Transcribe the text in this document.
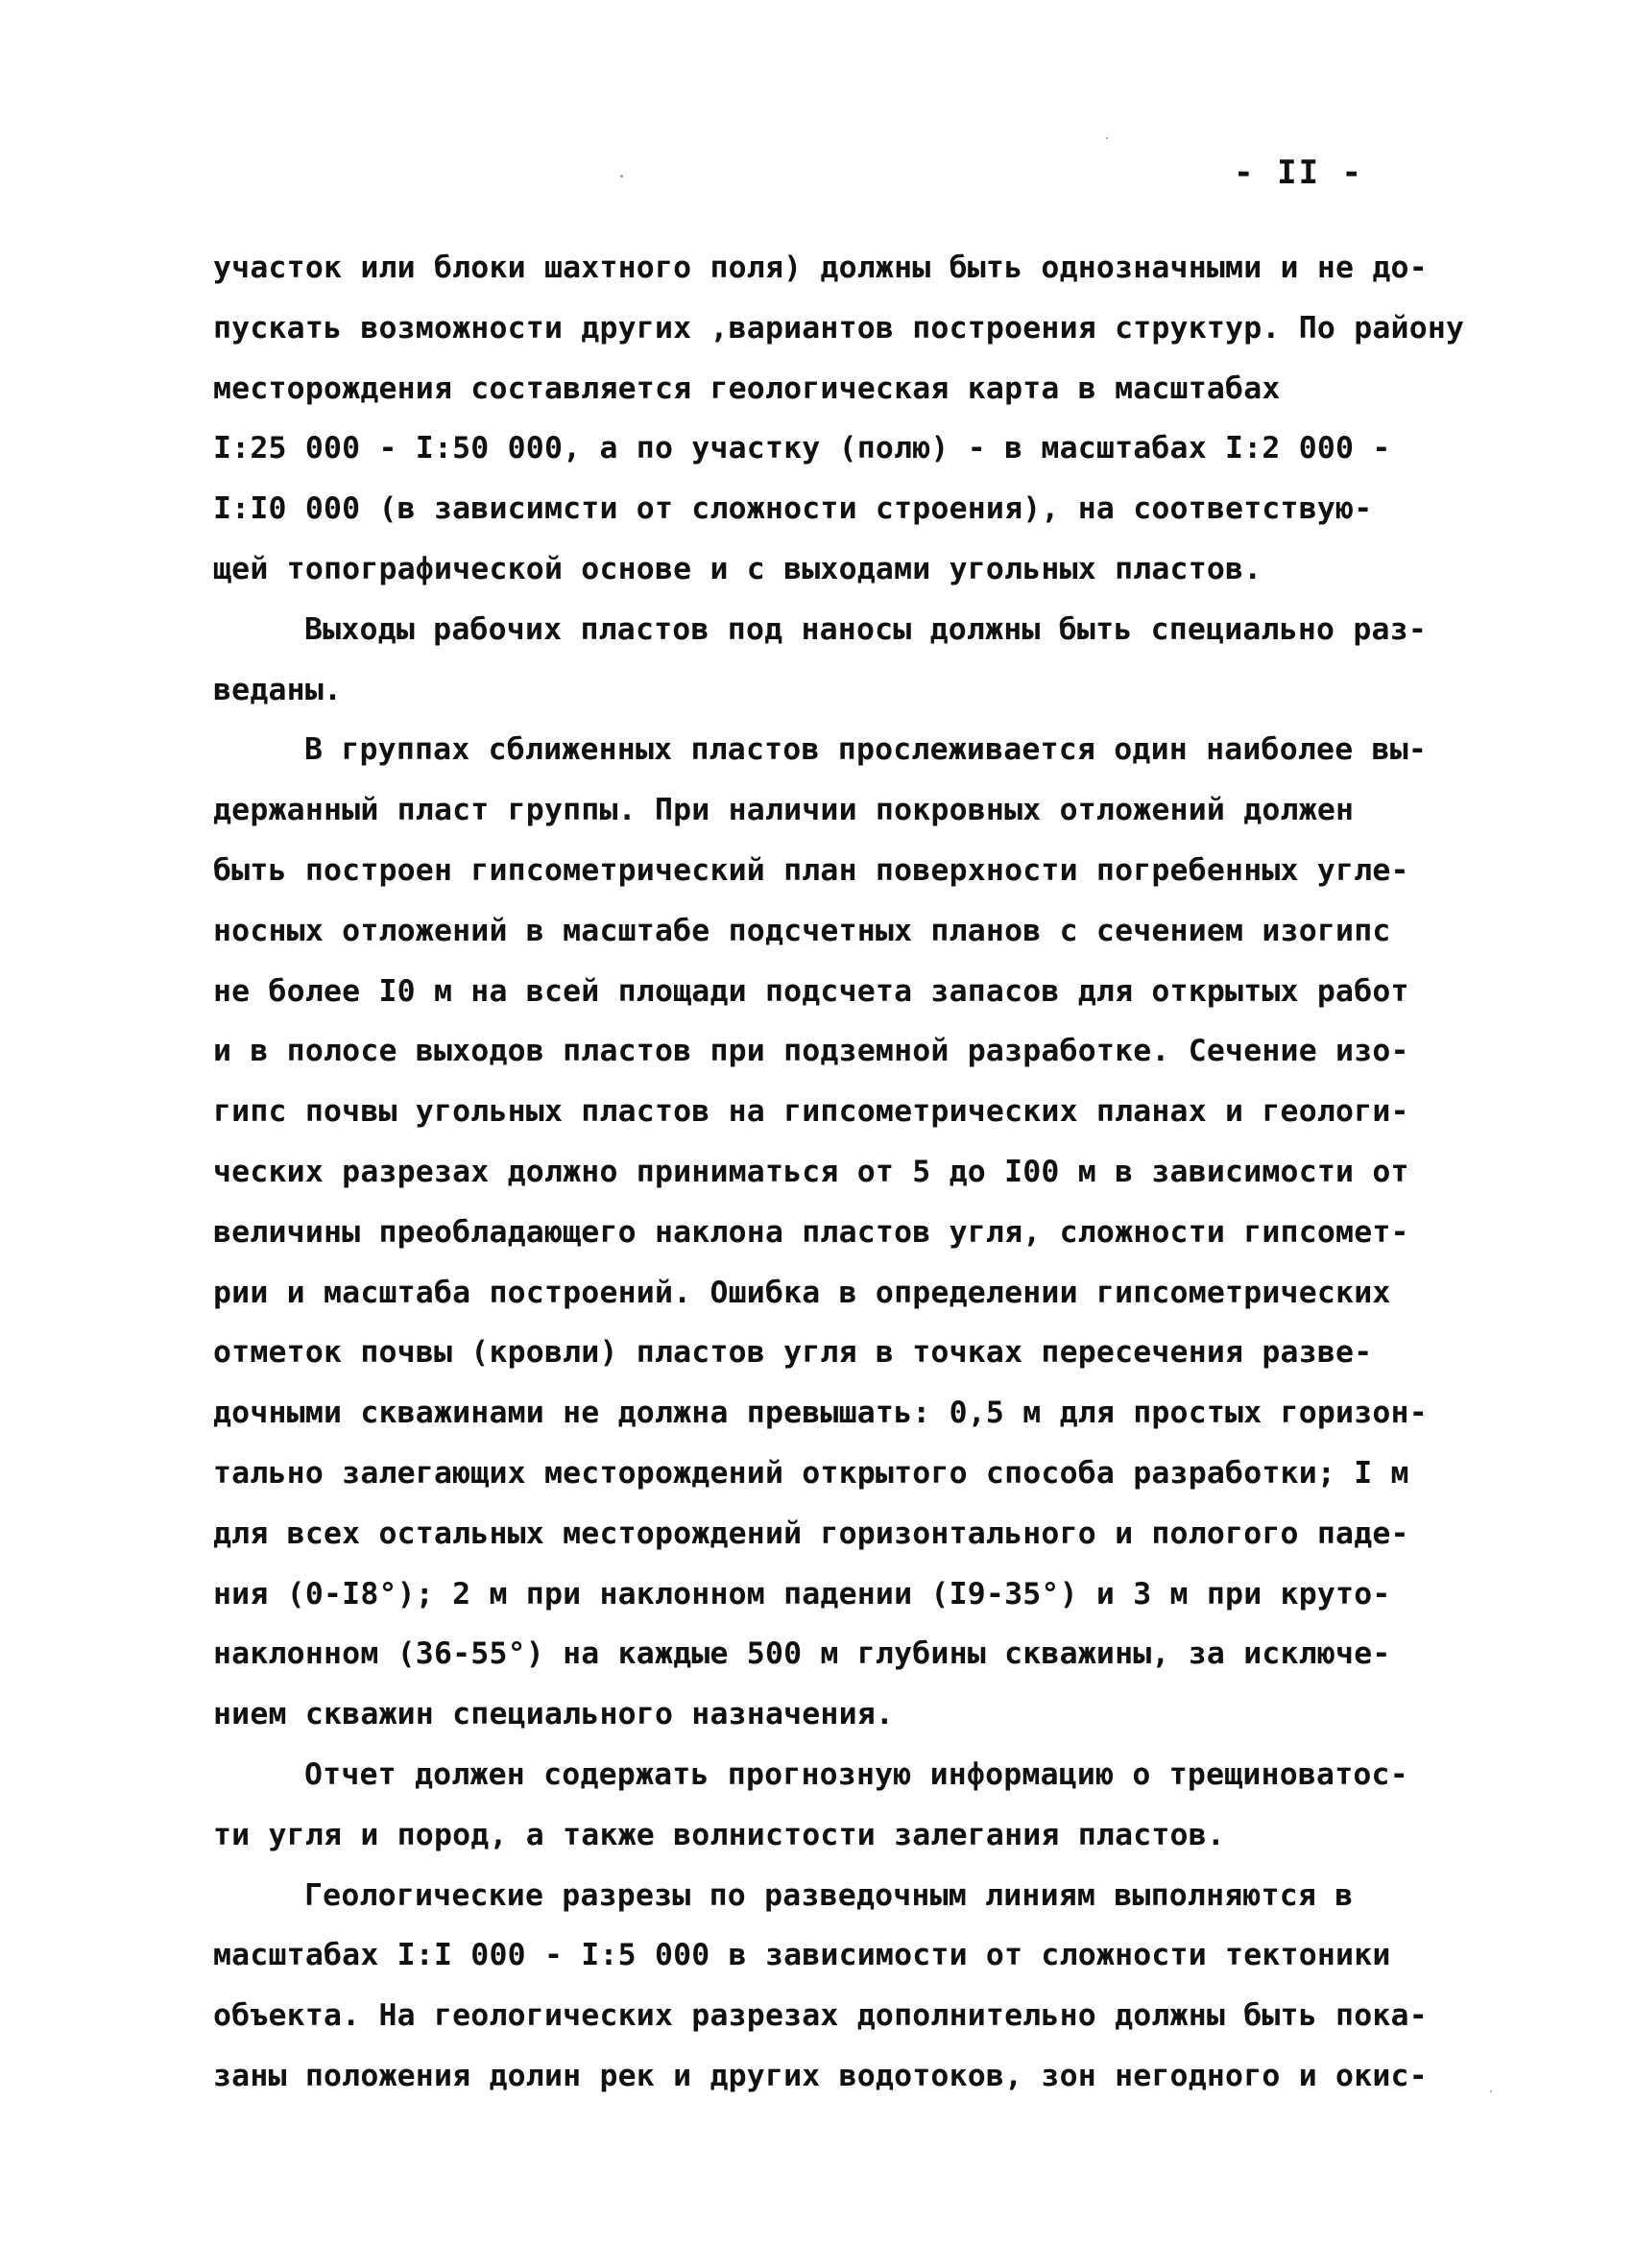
- II -
участок или блоки шахтного поля) должны быть однозначными и не до-
пускать возможности других ,вариантов построения структур. По району
месторождения составляется геологическая карта в масштабах
I:25 000 - I:50 000, а по участку (полю) - в масштабах I:2 000 -
I:I0 000 (в зависимсти от сложности строения), на соответствую-
щей топографической основе и с выходами угольных пластов.
Выходы рабочих пластов под наносы должны быть специально раз-
веданы.
В группах сближенных пластов прослеживается один наиболее вы-
держанный пласт группы. При наличии покровных отложений должен
быть построен гипсометрический план поверхности погребенных угле-
носных отложений в масштабе подсчетных планов с сечением изогипс
не более I0 м на всей площади подсчета запасов для открытых работ
и в полосе выходов пластов при подземной разработке. Сечение изо-
гипс почвы угольных пластов на гипсометрических планах и геологи-
ческих разрезах должно приниматься от 5 до I00 м в зависимости от
величины преобладающего наклона пластов угля, сложности гипсомет-
рии и масштаба построений. Ошибка в определении гипсометрических
отметок почвы (кровли) пластов угля в точках пересечения разве-
дочными скважинами не должна превышать: 0,5 м для простых горизон-
тально залегающих месторождений открытого способа разработки; I м
для всех остальных месторождений горизонтального и пологого паде-
ния (0-I8°); 2 м при наклонном падении (I9-35°) и 3 м при круто-
наклонном (36-55°) на каждые 500 м глубины скважины, за исключе-
нием скважин специального назначения.
Отчет должен содержать прогнозную информацию о трещиноватос-
ти угля и пород, а также волнистости залегания пластов.
Геологические разрезы по разведочным линиям выполняются в
масштабах I:I 000 - I:5 000 в зависимости от сложности тектоники
объекта. На геологических разрезах дополнительно должны быть пока-
заны положения долин рек и других водотоков, зон негодного и окис-
